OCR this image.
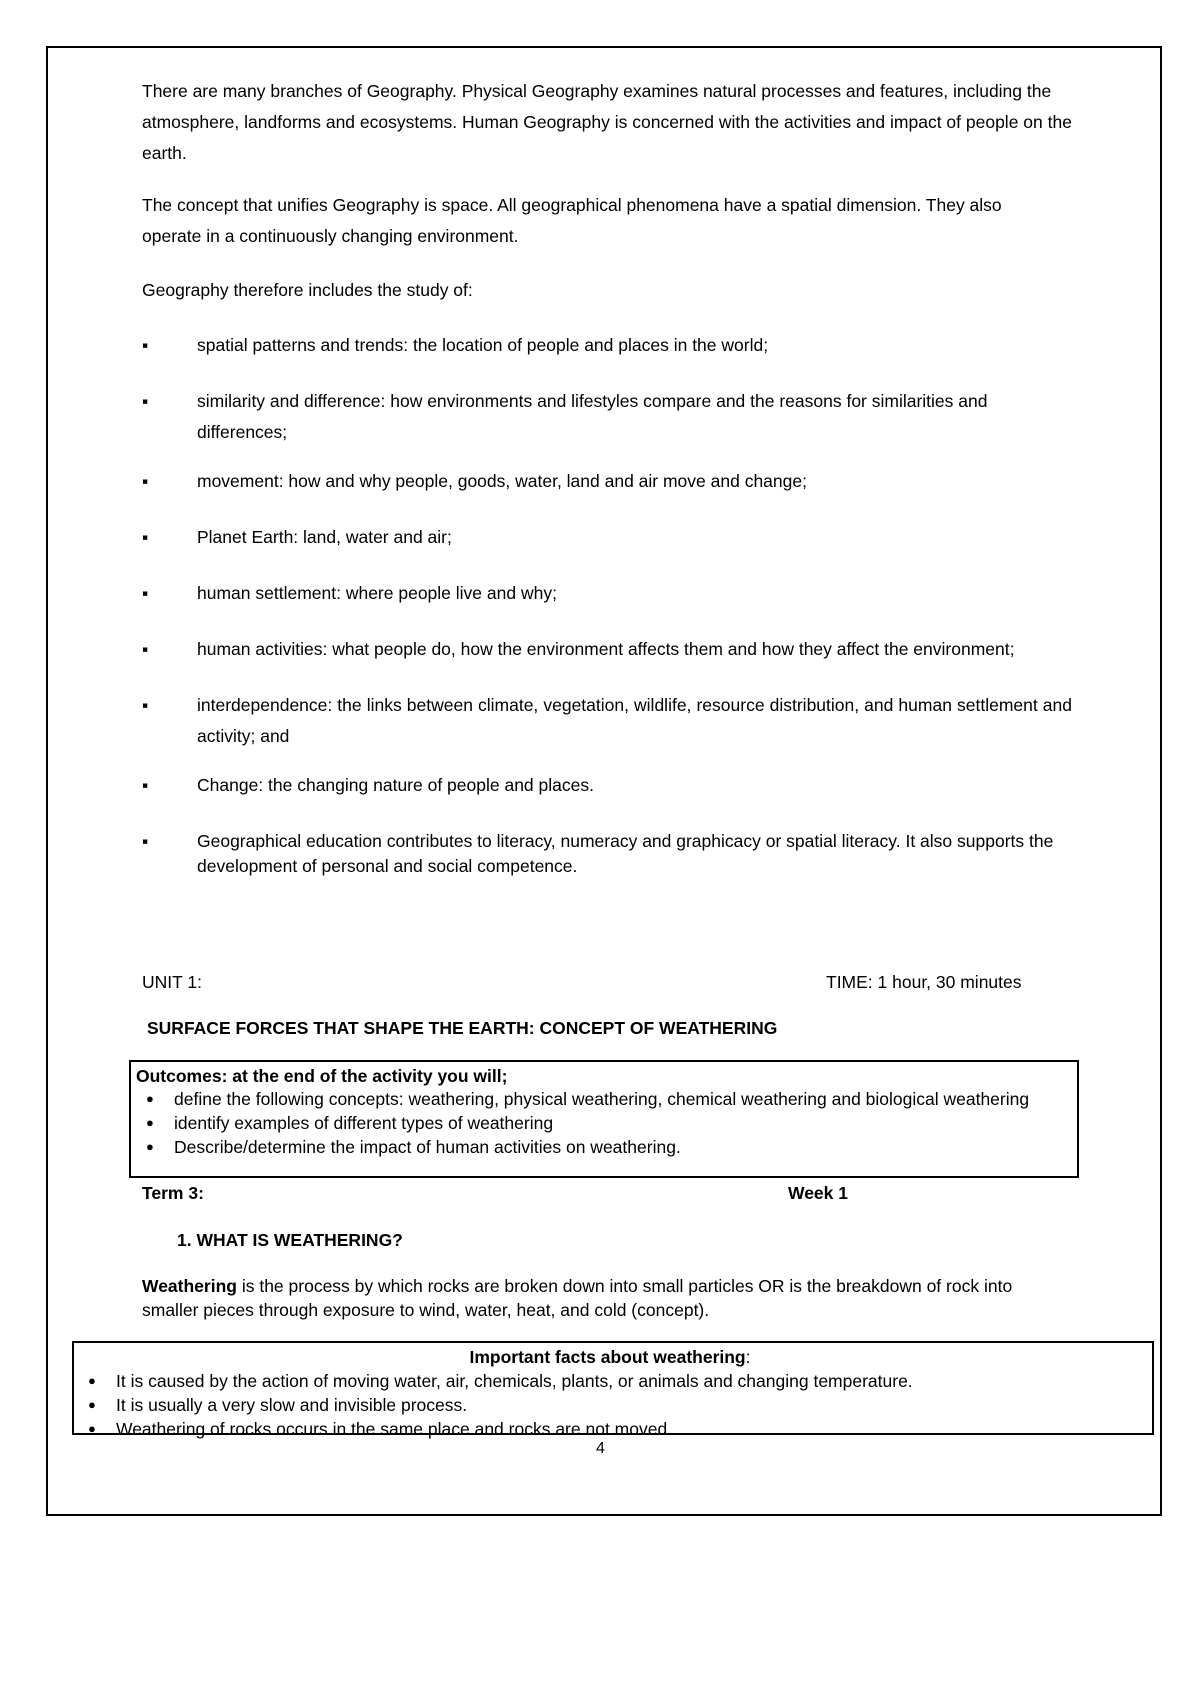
There are many branches of Geography. Physical Geography examines natural processes and features, including the atmosphere, landforms and ecosystems. Human Geography is concerned with the activities and impact of people on the earth.

The concept that unifies Geography is space. All geographical phenomena have a spatial dimension. They also operate in a continuously changing environment.

Geography therefore includes the study of:

▪	spatial patterns and trends: the location of people and places in the world;
▪	similarity and difference: how environments and lifestyles compare and the reasons for similarities and differences;
▪	movement: how and why people, goods, water, land and air move and change;
▪	Planet Earth: land, water and air;
▪	human settlement: where people live and why;
▪	human activities: what people do, how the environment affects them and how they affect the environment;
▪	interdependence: the links between climate, vegetation, wildlife, resource distribution, and human settlement and activity; and
▪	Change: the changing nature of people and places.
▪	Geographical education contributes to literacy, numeracy and graphicacy or spatial literacy. It also supports the development of personal and social competence.
UNIT 1:	TIME: 1 hour, 30 minutes
SURFACE FORCES THAT SHAPE THE EARTH: CONCEPT OF WEATHERING
Outcomes: at the end of the activity you will;
● define the following concepts: weathering, physical weathering, chemical weathering and biological weathering
● identify examples of different types of weathering
● Describe/determine the impact of human activities on weathering.
Term 3:	Week 1
1. WHAT IS WEATHERING?

Weathering is the process by which rocks are broken down into small particles OR is the breakdown of rock into smaller pieces through exposure to wind, water, heat, and cold (concept).

Important facts about weathering:
● It is caused by the action of moving water, air, chemicals, plants, or animals and changing temperature.
● It is usually a very slow and invisible process.
● Weathering of rocks occurs in the same place and rocks are not moved.
4
